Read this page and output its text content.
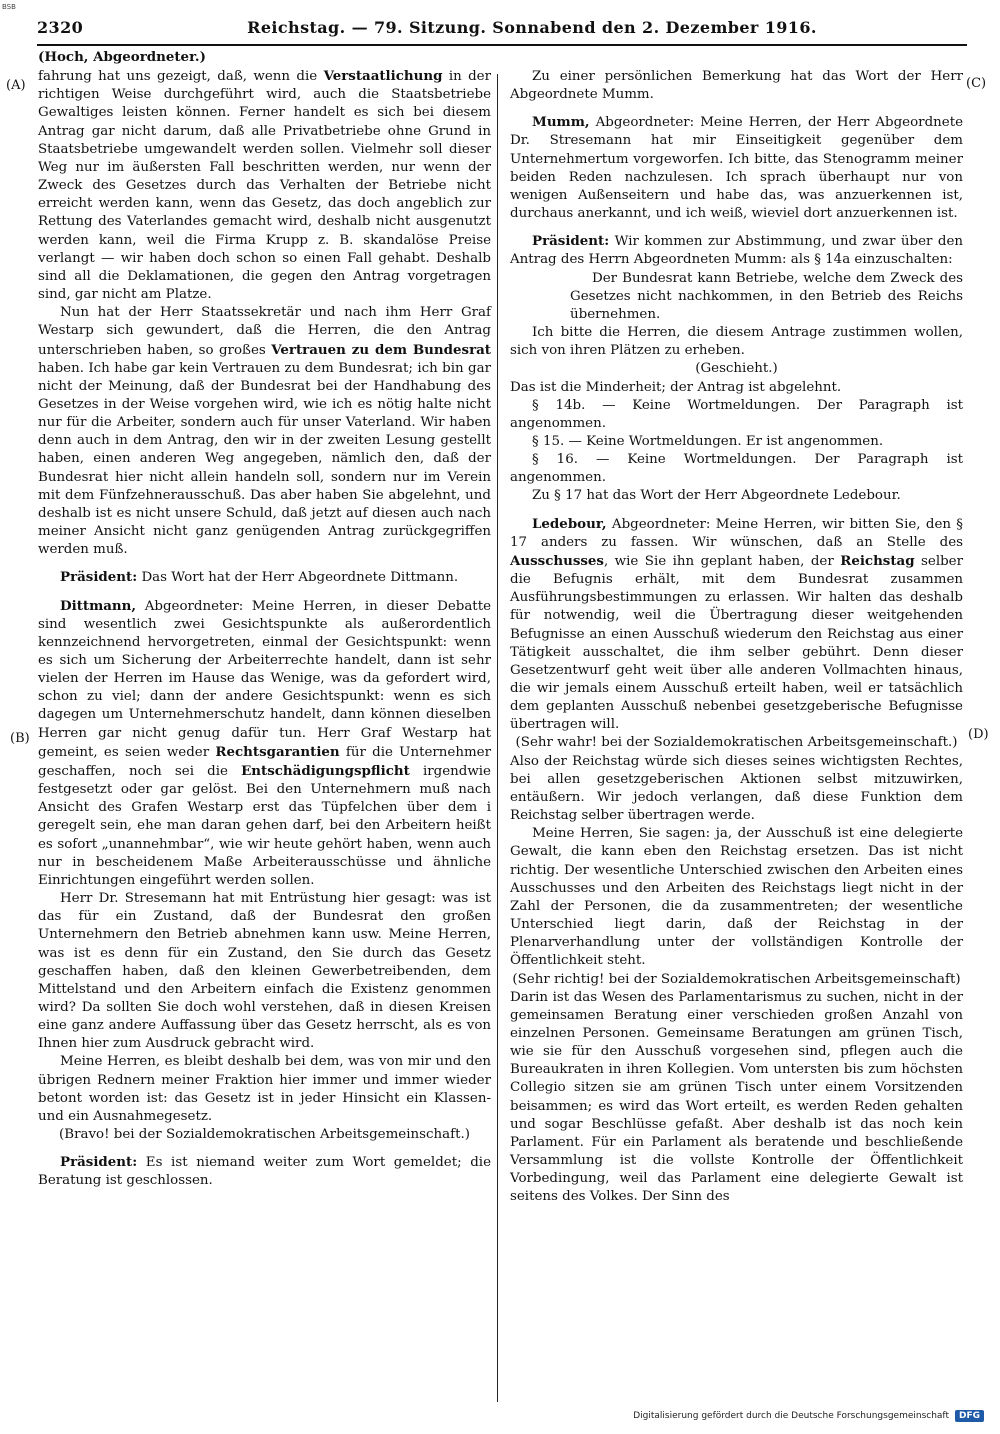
BSB
2320	Reichstag. — 79. Sitzung. Sonnabend den 2. Dezember 1916.
(A)
(B)
(C)
(D)

(Hoch, Abgeordneter.)

fahrung hat uns gezeigt, daß, wenn die Verstaatlichung in der richtigen Weise durchgeführt wird, auch die Staatsbetriebe Gewaltiges leisten können. Ferner handelt es sich bei diesem Antrag gar nicht darum, daß alle Privatbetriebe ohne Grund in Staatsbetriebe umgewandelt werden sollen. Vielmehr soll dieser Weg nur im äußersten Fall beschritten werden, nur wenn der Zweck des Gesetzes durch das Verhalten der Betriebe nicht erreicht werden kann, wenn das Gesetz, das doch angeblich zur Rettung des Vaterlandes gemacht wird, deshalb nicht ausgenutzt werden kann, weil die Firma Krupp z. B. skandalöse Preise verlangt — wir haben doch schon so einen Fall gehabt. Deshalb sind all die Deklamationen, die gegen den Antrag vorgetragen sind, gar nicht am Platze.

Nun hat der Herr Staatssekretär und nach ihm Herr Graf Westarp sich gewundert, daß die Herren, die den Antrag unterschrieben haben, so großes Vertrauen zu dem Bundesrat haben. Ich habe gar kein Vertrauen zu dem Bundesrat; ich bin gar nicht der Meinung, daß der Bundesrat bei der Handhabung des Gesetzes in der Weise vorgehen wird, wie ich es nötig halte nicht nur für die Arbeiter, sondern auch für unser Vaterland. Wir haben denn auch in dem Antrag, den wir in der zweiten Lesung gestellt haben, einen anderen Weg angegeben, nämlich den, daß der Bundesrat hier nicht allein handeln soll, sondern nur im Verein mit dem Fünfzehnerausschuß. Das aber haben Sie abgelehnt, und deshalb ist es nicht unsere Schuld, daß jetzt auf diesen auch nach meiner Ansicht nicht ganz genügenden Antrag zurückgegriffen werden muß.

Präsident: Das Wort hat der Herr Abgeordnete Dittmann.

Dittmann, Abgeordneter: Meine Herren, in dieser Debatte sind wesentlich zwei Gesichtspunkte als außerordentlich kennzeichnend hervorgetreten, einmal der Gesichtspunkt: wenn es sich um Sicherung der Arbeiterrechte handelt, dann ist sehr vielen der Herren im Hause das Wenige, was da gefordert wird, schon zu viel; dann der andere Gesichtspunkt: wenn es sich dagegen um Unternehmerschutz handelt, dann können dieselben Herren gar nicht genug dafür tun. Herr Graf Westarp hat gemeint, es seien weder Rechtsgarantien für die Unternehmer geschaffen, noch sei die Entschädigungspflicht irgendwie festgesetzt oder gar gelöst. Bei den Unternehmern muß nach Ansicht des Grafen Westarp erst das Tüpfelchen über dem i geregelt sein, ehe man daran gehen darf, bei den Arbeitern heißt es sofort „unannehmbar“, wie wir heute gehört haben, wenn auch nur in bescheidenem Maße Arbeiterausschüsse und ähnliche Einrichtungen eingeführt werden sollen.

Herr Dr. Stresemann hat mit Entrüstung hier gesagt: was ist das für ein Zustand, daß der Bundesrat den großen Unternehmern den Betrieb abnehmen kann usw. Meine Herren, was ist es denn für ein Zustand, den Sie durch das Gesetz geschaffen haben, daß den kleinen Gewerbetreibenden, dem Mittelstand und den Arbeitern einfach die Existenz genommen wird? Da sollten Sie doch wohl verstehen, daß in diesen Kreisen eine ganz andere Auffassung über das Gesetz herrscht, als es von Ihnen hier zum Ausdruck gebracht wird.

Meine Herren, es bleibt deshalb bei dem, was von mir und den übrigen Rednern meiner Fraktion hier immer und immer wieder betont worden ist: das Gesetz ist in jeder Hinsicht ein Klassen- und ein Ausnahmegesetz.

(Bravo! bei der Sozialdemokratischen Arbeitsgemeinschaft.)

Präsident: Es ist niemand weiter zum Wort gemeldet; die Beratung ist geschlossen.

Zu einer persönlichen Bemerkung hat das Wort der Herr Abgeordnete Mumm.

Mumm, Abgeordneter: Meine Herren, der Herr Abgeordnete Dr. Stresemann hat mir Einseitigkeit gegenüber dem Unternehmertum vorgeworfen. Ich bitte, das Stenogramm meiner beiden Reden nachzulesen. Ich sprach überhaupt nur von wenigen Außenseitern und habe das, was anzuerkennen ist, durchaus anerkannt, und ich weiß, wieviel dort anzuerkennen ist.

Präsident: Wir kommen zur Abstimmung, und zwar über den Antrag des Herrn Abgeordneten Mumm: als § 14a einzuschalten:

Der Bundesrat kann Betriebe, welche dem Zweck des Gesetzes nicht nachkommen, in den Betrieb des Reichs übernehmen.

Ich bitte die Herren, die diesem Antrage zustimmen wollen, sich von ihren Plätzen zu erheben.

(Geschieht.)

Das ist die Minderheit; der Antrag ist abgelehnt.

§ 14b. — Keine Wortmeldungen. Der Paragraph ist angenommen.

§ 15. — Keine Wortmeldungen. Er ist angenommen.

§ 16. — Keine Wortmeldungen. Der Paragraph ist angenommen.

Zu § 17 hat das Wort der Herr Abgeordnete Ledebour.

Ledebour, Abgeordneter: Meine Herren, wir bitten Sie, den § 17 anders zu fassen. Wir wünschen, daß an Stelle des Ausschusses, wie Sie ihn geplant haben, der Reichstag selber die Befugnis erhält, mit dem Bundesrat zusammen Ausführungsbestimmungen zu erlassen. Wir halten das deshalb für notwendig, weil die Übertragung dieser weitgehenden Befugnisse an einen Ausschuß wiederum den Reichstag aus einer Tätigkeit ausschaltet, die ihm selber gebührt. Denn dieser Gesetzentwurf geht weit über alle anderen Vollmachten hinaus, die wir jemals einem Ausschuß erteilt haben, weil er tatsächlich dem geplanten Ausschuß nebenbei gesetzgeberische Befugnisse übertragen will.

(Sehr wahr! bei der Sozialdemokratischen Arbeitsgemeinschaft.)

Also der Reichstag würde sich dieses seines wichtigsten Rechtes, bei allen gesetzgeberischen Aktionen selbst mitzuwirken, entäußern. Wir jedoch verlangen, daß diese Funktion dem Reichstag selber übertragen werde.

Meine Herren, Sie sagen: ja, der Ausschuß ist eine delegierte Gewalt, die kann eben den Reichstag ersetzen. Das ist nicht richtig. Der wesentliche Unterschied zwischen den Arbeiten eines Ausschusses und den Arbeiten des Reichstags liegt nicht in der Zahl der Personen, die da zusammentreten; der wesentliche Unterschied liegt darin, daß der Reichstag in der Plenarverhandlung unter der vollständigen Kontrolle der Öffentlichkeit steht.

(Sehr richtig! bei der Sozialdemokratischen Arbeitsgemeinschaft)

Darin ist das Wesen des Parlamentarismus zu suchen, nicht in der gemeinsamen Beratung einer verschieden großen Anzahl von einzelnen Personen. Gemeinsame Beratungen am grünen Tisch, wie sie für den Ausschuß vorgesehen sind, pflegen auch die Bureaukraten in ihren Kollegien. Vom untersten bis zum höchsten Collegio sitzen sie am grünen Tisch unter einem Vorsitzenden beisammen; es wird das Wort erteilt, es werden Reden gehalten und sogar Beschlüsse gefaßt. Aber deshalb ist das noch kein Parlament. Für ein Parlament als beratende und beschließende Versammlung ist die vollste Kontrolle der Öffentlichkeit Vorbedingung, weil das Parlament eine delegierte Gewalt ist seitens des Volkes. Der Sinn des

Digitalisierung gefördert durch die Deutsche Forschungsgemeinschaft	DFG
